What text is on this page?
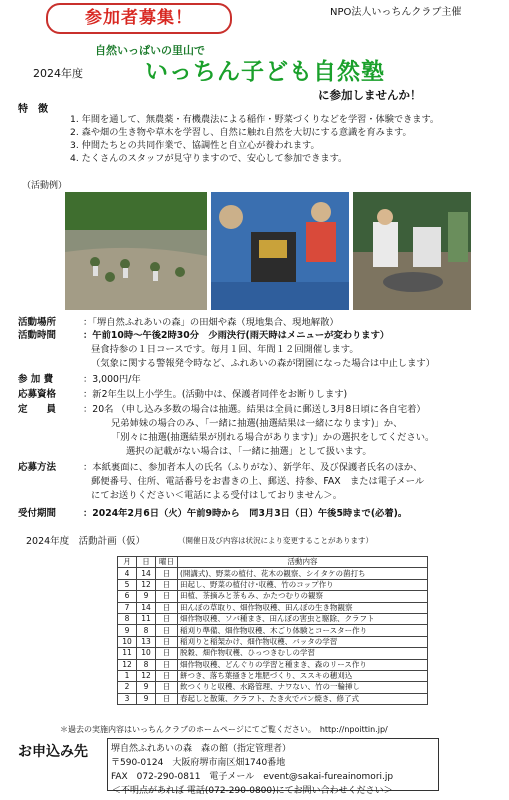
参加者募集！	NPO法人いっちんクラブ主催
自然いっぱいの里山で
2024年度	いっちん子ども自然塾
に参加しませんか！
特　徴
1. 年間を通して、無農薬・有機農法による稲作・野菜づくりなどを学習・体験できます。
2. 森や畑の生き物や草木を学習し、自然に触れ自然を大切にする意識を育みます。
3. 仲間たちとの共同作業で、協調性と自立心が養われます。
4. たくさんのスタッフが見守りますので、安心して参加できます。
（活動例）
活動場所	：「堺自然ふれあいの森」の田畑や森（現地集合、現地解散）
活動時間	：午前10時～午後2時30分　少雨決行(雨天時はメニューが変わります）
昼食持参の１日コースです。毎月１回、年間１２回開催します。
（気象に関する警報発令時など、ふれあいの森が閉園になった場合は中止します）
参 加 費	：3,000円/年
応募資格	：新2年生以上小学生。(活動中は、保護者同伴をお断りします)
定　　員	：20名 （申し込み多数の場合は抽選。結果は全員に郵送し3月8日頃に各自宅着）
兄弟姉妹の場合のみ、「一緒に抽選(抽選結果は一緒になります)」か、
「別々に抽選(抽選結果が別れる場合があります)」かの選択をしてください。
選択の記載がない場合は、「一緒に抽選」として扱います。
応募方法	：本紙裏面に、参加者本人の氏名（ふりがな）、新学年、及び保護者氏名のほか、
郵便番号、住所、電話番号をお書きの上、郵送、持参、FAX　または電子メール
にてお送りください＜電話による受付はしておりません＞。
受付期間	：2024年2月6日（火）午前9時から　同3月3日（日）午後5時まで(必着)。
2024年度　活動計画（仮）	（開催日及び内容は状況により変更することがあります）
月	日	曜日	活動内容
4	14	日	(開講式)、野菜の植付、花木の観察、シイタケの菌打ち
5	12	日	田起し、野菜の植付け･収穫、竹のコップ作り
6	9	日	田植、茶摘みと茶もみ、かたつむりの観察
7	14	日	田んぼの草取り、畑作物収穫、田んぼの生き物観察
8	11	日	畑作物収穫、ソバ種まき、田んぼの害虫と駆除、クラフト
9	8	日	稲刈り準備、畑作物収穫、木ごり体験とコースター作り
10	13	日	稲刈りと稲架かけ、畑作物収穫、バッタの学習
11	10	日	脱穀、畑作物収穫、ひっつきむしの学習
12	8	日	畑作物収穫、どんぐりの学習と種まき、森のリース作り
1	12	日	餅つき、落ち葉掻きと堆肥づくり、ススキの穂刈込
2	9	日	飲つくりと収穫、水路管理、ナワない、竹の一輪挿し
3	9	日	春起しと散策、クラフト、たき火でパン焼き、修了式
＊過去の実施内容はいっちんクラブのホームページにてご覧ください。　http://npoittin.jp/
お申込み先	堺自然ふれあいの森　森の館（指定管理者）
〒590-0124　大阪府堺市南区畑1740番地
FAX　072-290-0811　電子メール　event@sakai-fureainomori.jp
＜不明点があれば 電話(072-290-0800)にてお問い合わせください＞
